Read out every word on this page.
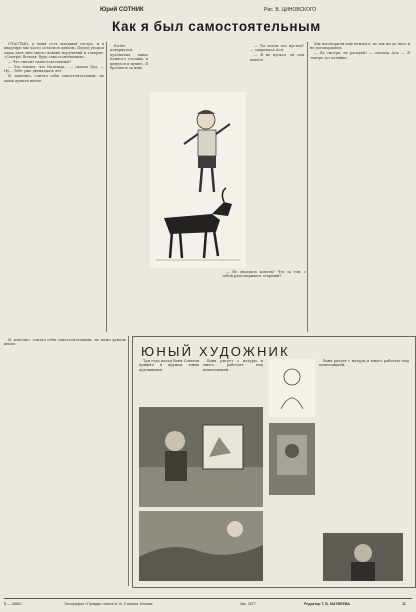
Юрий СОТНИК	Рис. В. ЦИНОВСКОГО
Как я был самостоятельным

СЧАСТЬЮ, у меня есть младшая сестра, и в квартире мы часто остаемся вдвоем. Перед уходом мама дает мне много всяких поручений и говорит: «Смотри, Володя, будь самостоятельным».

— Что значит самостоятельным?

— Это значит, что Надежда... — сказал Дед. — Ну... Тебе уже двенадцать лет.

Я, конечно, считал себя самостоятельным, но мама думала иначе.

Козёл повернулся, проскочил мимо Асиного столика и кинулся в кухню. Я бросился за ним.

— Ты зачем его пустил? — закричала Ася.

— Я не пускал, он сам вошёл!

— Не двадцать копеек? Что за тон, с тобой разговаривает старший?

Мы поговорили ещё немного, но так ни до чего и не договорились.

— Да смотри, не раскрой! — сказала Ася. — Я теперь тут хозяйка.

ЮНЫЙ ХУДОЖНИК

Три года назад Ваня Советов пришёл в кружок юных художников.

Ваня рисует с натуры и много работает над композицией.

Ваня рисует с натуры и много работает над композицией.

Я, конечно, считал себя самостоятельным, но мама думала иначе.

Б — 06807.	Типография «Правды» имени И. В. Сталина. Москва.	Зак. 2677.	Редактор Т. В. МАТВЕЕВА.	11
